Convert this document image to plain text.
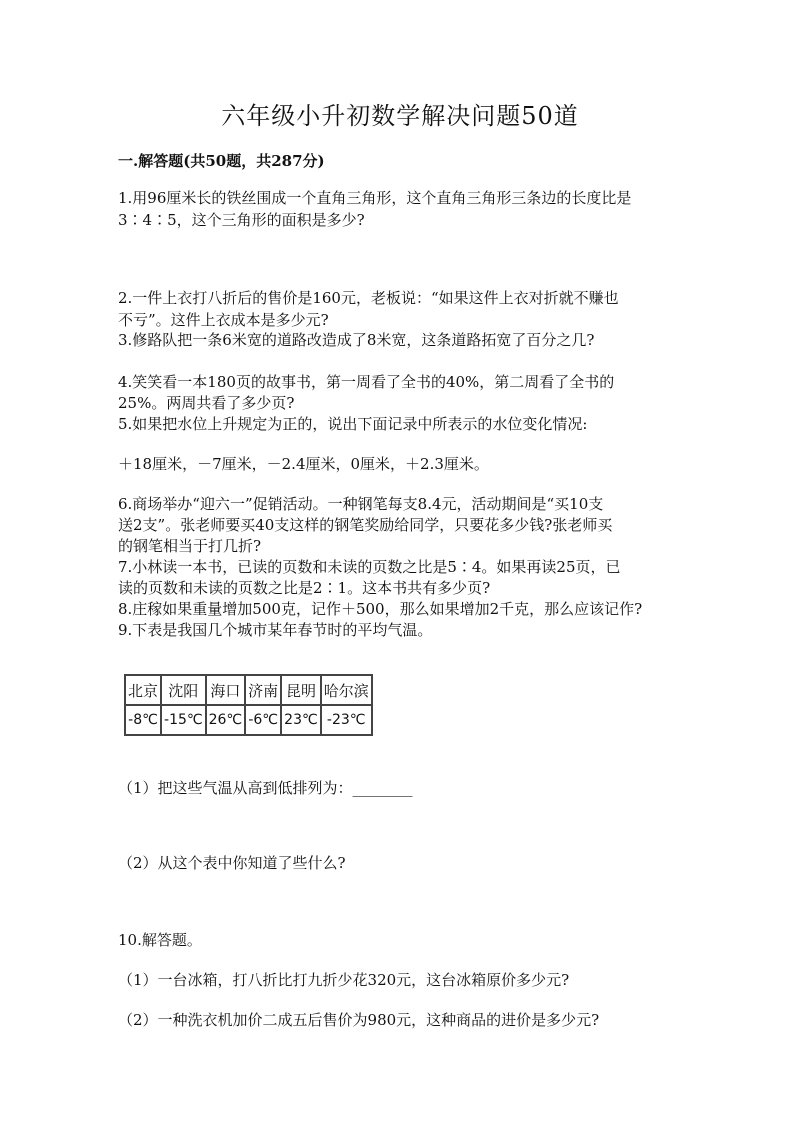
六年级小升初数学解决问题50道
一.解答题(共50题，共287分)
1.用96厘米长的铁丝围成一个直角三角形，这个直角三角形三条边的长度比是
3∶4∶5，这个三角形的面积是多少?
2.一件上衣打八折后的售价是160元，老板说：“如果这件上衣对折就不赚也
不亏”。这件上衣成本是多少元?
3.修路队把一条6米宽的道路改造成了8米宽，这条道路拓宽了百分之几?
4.笑笑看一本180页的故事书，第一周看了全书的40%，第二周看了全书的
25%。两周共看了多少页?
5.如果把水位上升规定为正的，说出下面记录中所表示的水位变化情况:
＋18厘米，－7厘米，－2.4厘米，0厘米，＋2.3厘米。
6.商场举办“迎六一”促销活动。一种钢笔每支8.4元，活动期间是“买10支
送2支”。张老师要买40支这样的钢笔奖励给同学，只要花多少钱?张老师买
的钢笔相当于打几折?
7.小林读一本书，已读的页数和未读的页数之比是5∶4。如果再读25页，已
读的页数和未读的页数之比是2∶1。这本书共有多少页?
8.庄稼如果重量增加500克，记作＋500，那么如果增加2千克，那么应该记作?
9.下表是我国几个城市某年春节时的平均气温。
北京	沈阳	海口	济南	昆明	哈尔滨
-8℃	-15℃	26℃	-6℃	23℃	-23℃
（1）把这些气温从高到低排列为：________
（2）从这个表中你知道了些什么?
10.解答题。
（1）一台冰箱，打八折比打九折少花320元，这台冰箱原价多少元?
（2）一种洗衣机加价二成五后售价为980元，这种商品的进价是多少元?
